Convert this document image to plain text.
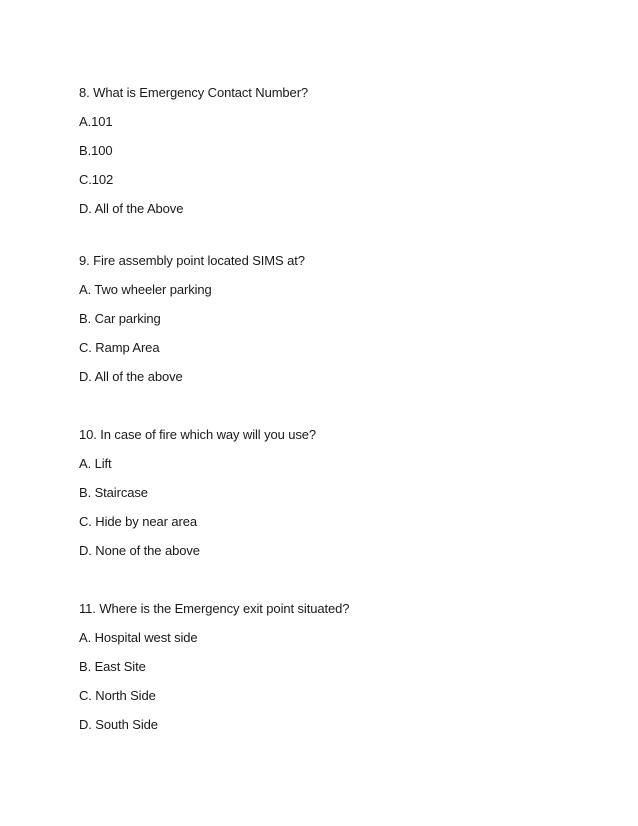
8. What is Emergency Contact Number?
A.101
B.100
C.102
D. All of the Above
9. Fire assembly point located SIMS at?
A. Two wheeler parking
B. Car parking
C. Ramp Area
D. All of the above
10. In case of fire which way will you use?
A. Lift
B. Staircase
C. Hide by near area
D. None of the above
11. Where is the Emergency exit point situated?
A. Hospital west side
B. East Site
C. North Side
D. South Side
